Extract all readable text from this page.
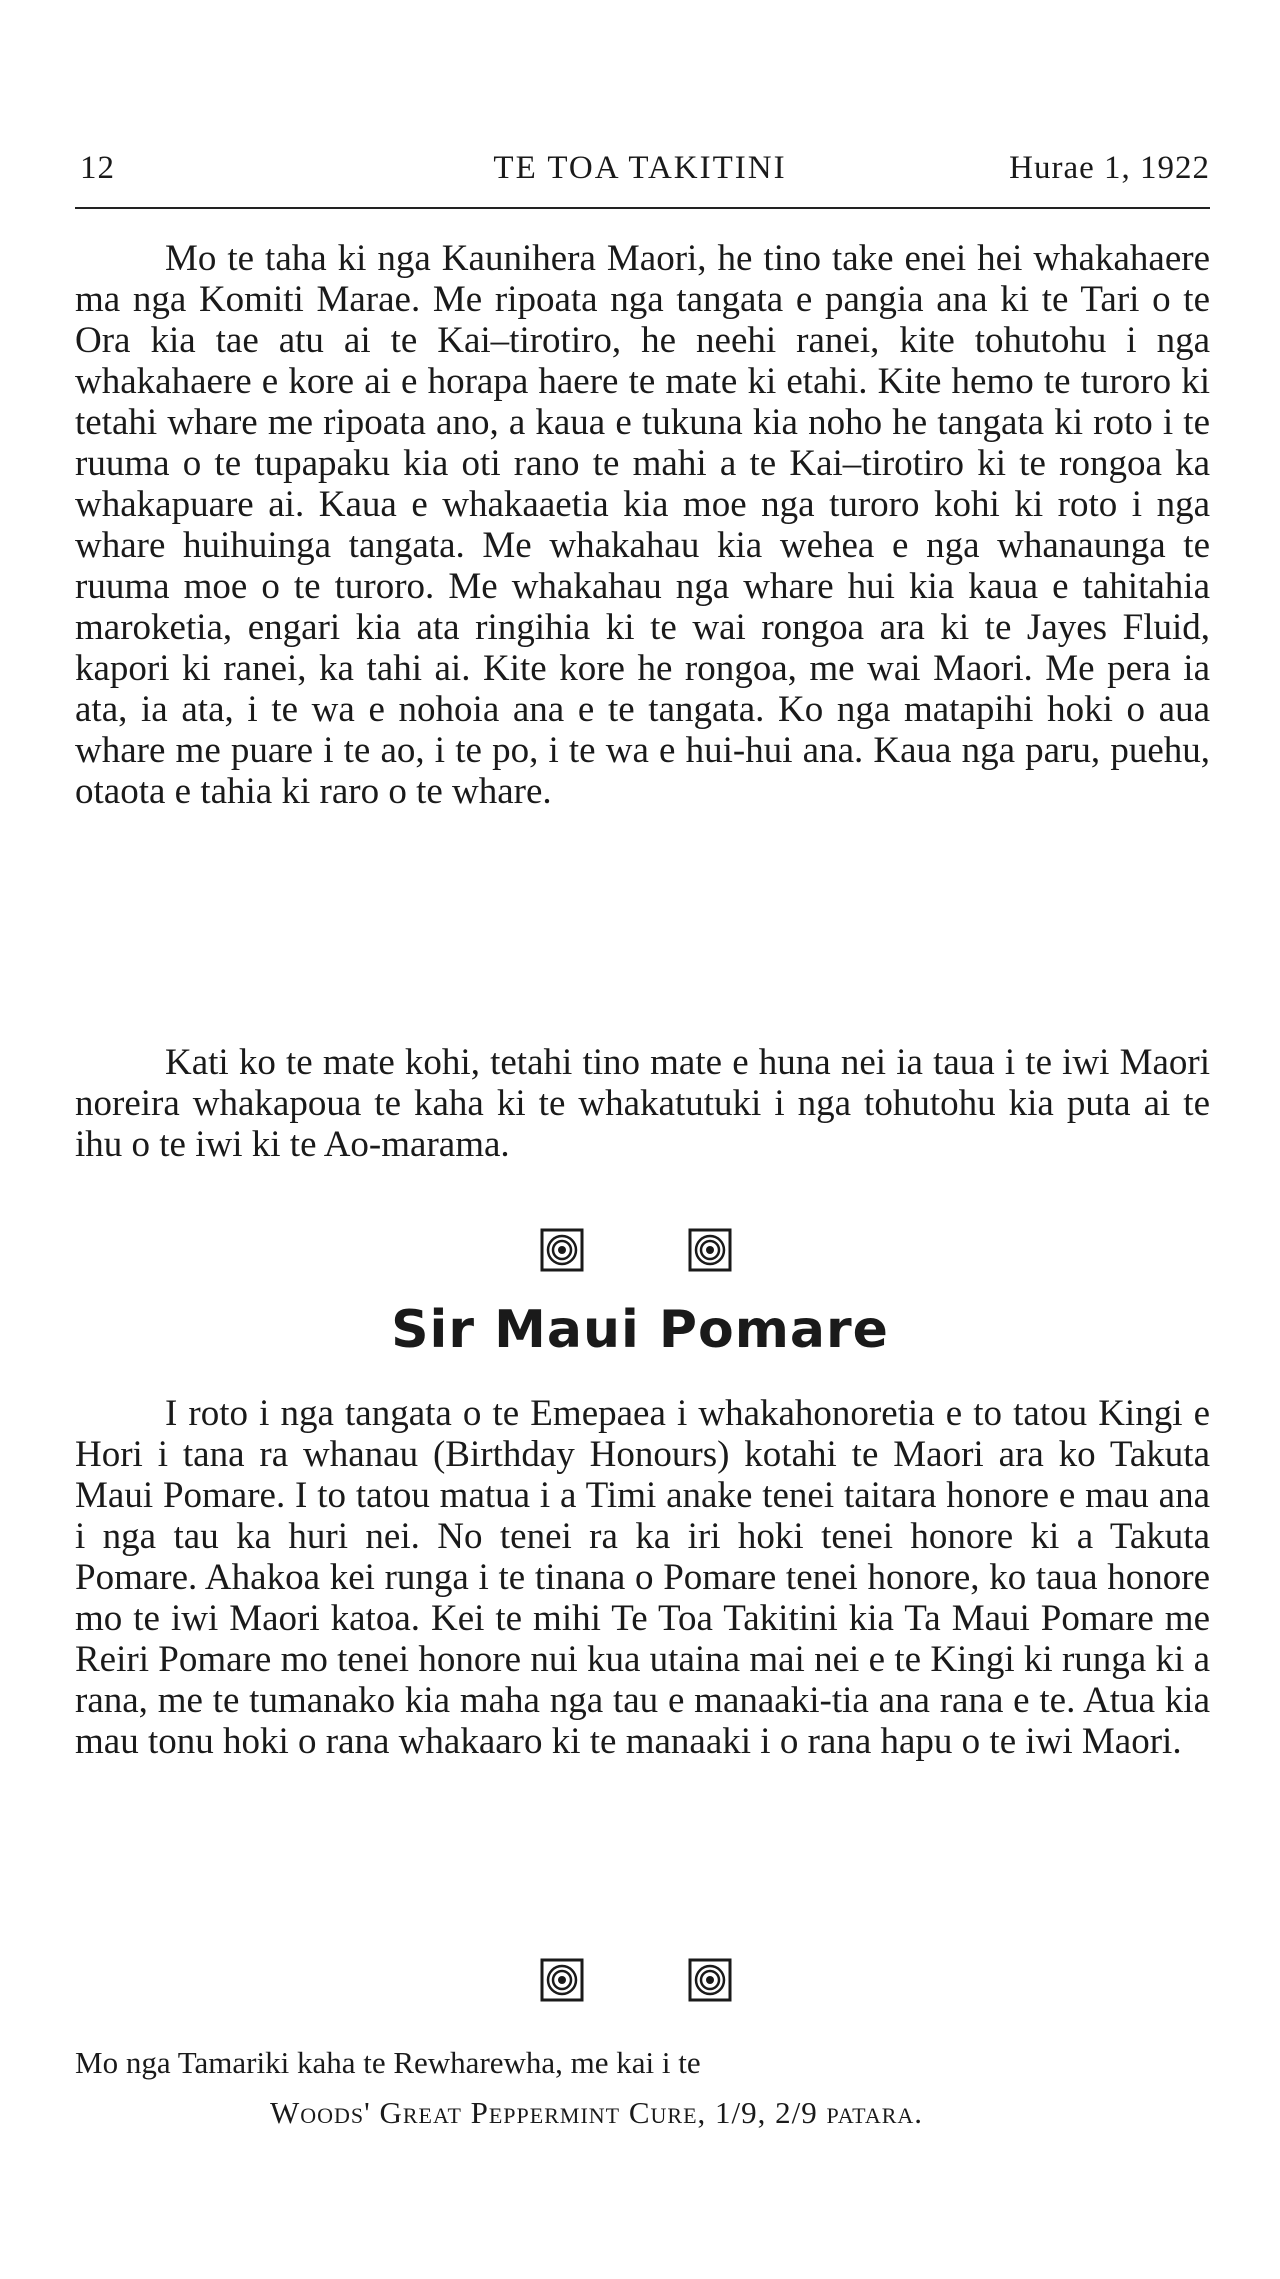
12	TE TOA TAKITINI	Hurae 1, 1922

Mo te taha ki nga Kaunihera Maori, he tino take enei hei whakahaere ma nga Komiti Marae. Me ripoata nga tangata e pangia ana ki te Tari o te Ora kia tae atu ai te Kai–tirotiro, he neehi ranei, kite tohutohu i nga whakahaere e kore ai e horapa haere te mate ki etahi. Kite hemo te turoro ki tetahi whare me ripoata ano, a kaua e tukuna kia noho he tangata ki roto i te ruuma o te tupapaku kia oti rano te mahi a te Kai–tirotiro ki te rongoa ka whakapuare ai. Kaua e whakaaetia kia moe nga turoro kohi ki roto i nga whare huihuinga tangata. Me whakahau kia wehea e nga whanaunga te ruuma moe o te turoro. Me whakahau nga whare hui kia kaua e tahitahia maroketia, engari kia ata ringihia ki te wai rongoa ara ki te Jayes Fluid, kapori ki ranei, ka tahi ai. Kite kore he rongoa, me wai Maori. Me pera ia ata, ia ata, i te wa e nohoia ana e te tangata. Ko nga matapihi hoki o aua whare me puare i te ao, i te po, i te wa e hui-hui ana. Kaua nga paru, puehu, otaota e tahia ki raro o te whare.

Kati ko te mate kohi, tetahi tino mate e huna nei ia taua i te iwi Maori noreira whakapoua te kaha ki te whakatutuki i nga tohutohu kia puta ai te ihu o te iwi ki te Ao-marama.

Sir Maui Pomare

I roto i nga tangata o te Emepaea i whakahonoretia e to tatou Kingi e Hori i tana ra whanau (Birthday Honours) kotahi te Maori ara ko Takuta Maui Pomare. I to tatou matua i a Timi anake tenei taitara honore e mau ana i nga tau ka huri nei. No tenei ra ka iri hoki tenei honore ki a Takuta Pomare. Ahakoa kei runga i te tinana o Pomare tenei honore, ko taua honore mo te iwi Maori katoa. Kei te mihi Te Toa Takitini kia Ta Maui Pomare me Reiri Pomare mo tenei honore nui kua utaina mai nei e te Kingi ki runga ki a rana, me te tumanako kia maha nga tau e manaaki-tia ana rana e te. Atua kia mau tonu hoki o rana whakaaro ki te manaaki i o rana hapu o te iwi Maori.

Mo nga Tamariki kaha te Rewharewha, me kai i te
Woods' Great Peppermint Cure, 1/9, 2/9 patara.
